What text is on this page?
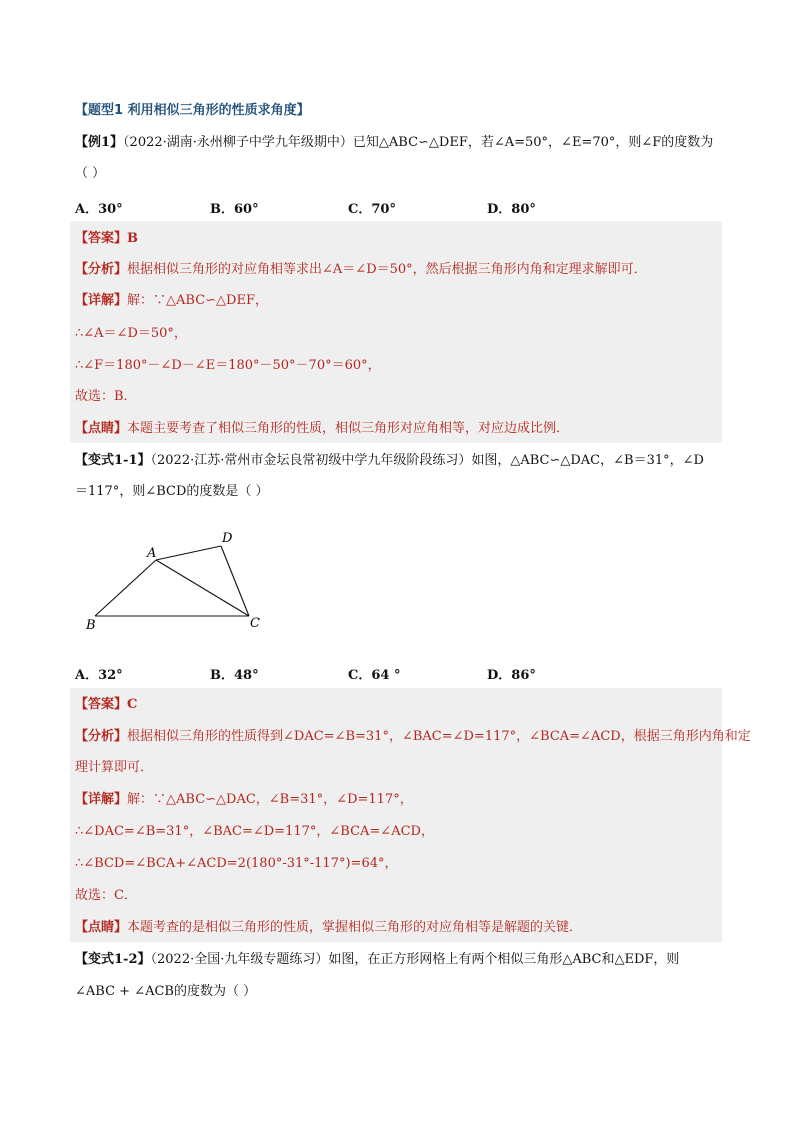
【题型1 利用相似三角形的性质求角度】
【例1】（2022·湖南·永州柳子中学九年级期中）已知△ABC∽△DEF，若∠A=50°，∠E=70°，则∠F的度数为
（ ）
A．30°	B．60°	C．70°	D．80°
【答案】B
【分析】根据相似三角形的对应角相等求出∠A＝∠D＝50°，然后根据三角形内角和定理求解即可．
【详解】解：∵△ABC∽△DEF，
∴∠A＝∠D＝50°，
∴∠F＝180°－∠D－∠E＝180°－50°－70°＝60°，
故选：B．
【点睛】本题主要考查了相似三角形的性质，相似三角形对应角相等，对应边成比例．
【变式1-1】（2022·江苏·常州市金坛良常初级中学九年级阶段练习）如图，△ABC∽△DAC，∠B＝31°，∠D
＝117°，则∠BCD的度数是（ ）
A
D
B	C
A．32°	B．48°	C．64 °	D．86°
【答案】C
【分析】根据相似三角形的性质得到∠DAC=∠B=31°，∠BAC=∠D=117°，∠BCA=∠ACD，根据三角形内角和定
理计算即可．
【详解】解：∵△ABC∽△DAC，∠B=31°，∠D=117°，
∴∠DAC=∠B=31°，∠BAC=∠D=117°，∠BCA=∠ACD，
∴∠BCD=∠BCA+∠ACD=2(180°-31°-117°)=64°，
故选：C．
【点睛】本题考查的是相似三角形的性质，掌握相似三角形的对应角相等是解题的关键．
【变式1-2】（2022·全国·九年级专题练习）如图，在正方形网格上有两个相似三角形△ABC和△EDF，则
∠ABC + ∠ACB的度数为（ ）
